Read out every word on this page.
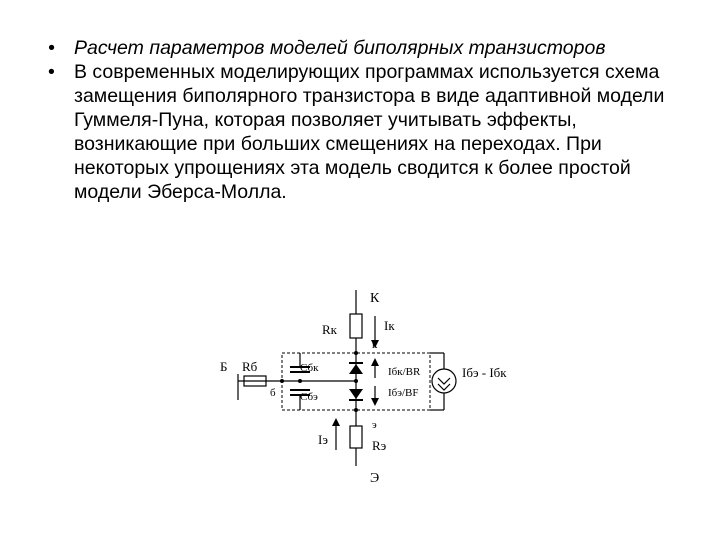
• Расчет параметров моделей биполярных транзисторов
• В современных моделирующих программах используется схема замещения биполярного транзистора в виде адаптивной модели Гуммеля-Пуна, которая позволяет учитывать эффекты, возникающие при больших смещениях на переходах. При некоторых упрощениях эта модель сводится к более простой модели Эберса-Молла.
К
Iк
Rк
к
Б Rб
б
Сбк
Сбэ
Iбк/BR
Iбэ/BF
Iбэ - Iбк
Iэ
э
Rэ
Э
